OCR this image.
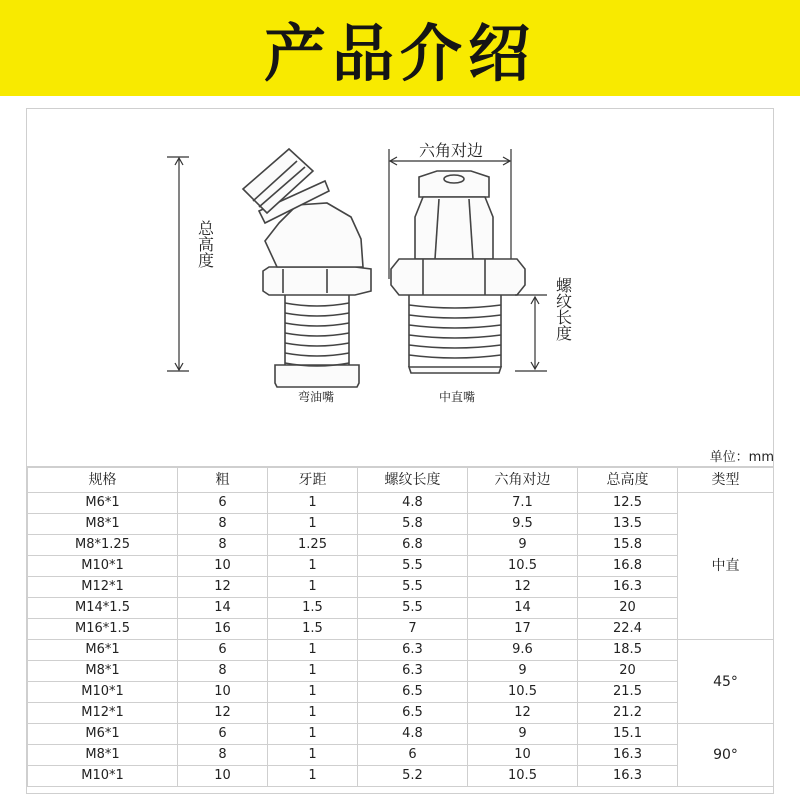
产品介绍
总高度
六角对边
螺纹长度
弯油嘴	中直嘴
单位：mm
规格	粗	牙距	螺纹长度	六角对边	总高度	类型
M6*1	6	1	4.8	7.1	12.5	中直
M8*1	8	1	5.8	9.5	13.5	
M8*1.25	8	1.25	6.8	9	15.8	
M10*1	10	1	5.5	10.5	16.8	
M12*1	12	1	5.5	12	16.3	
M14*1.5	14	1.5	5.5	14	20	
M16*1.5	16	1.5	7	17	22.4	
M6*1	6	1	6.3	9.6	18.5	45°
M8*1	8	1	6.3	9	20	
M10*1	10	1	6.5	10.5	21.5	
M12*1	12	1	6.5	12	21.2	
M6*1	6	1	4.8	9	15.1	90°
M8*1	8	1	6	10	16.3	
M10*1	10	1	5.2	10.5	16.3	
